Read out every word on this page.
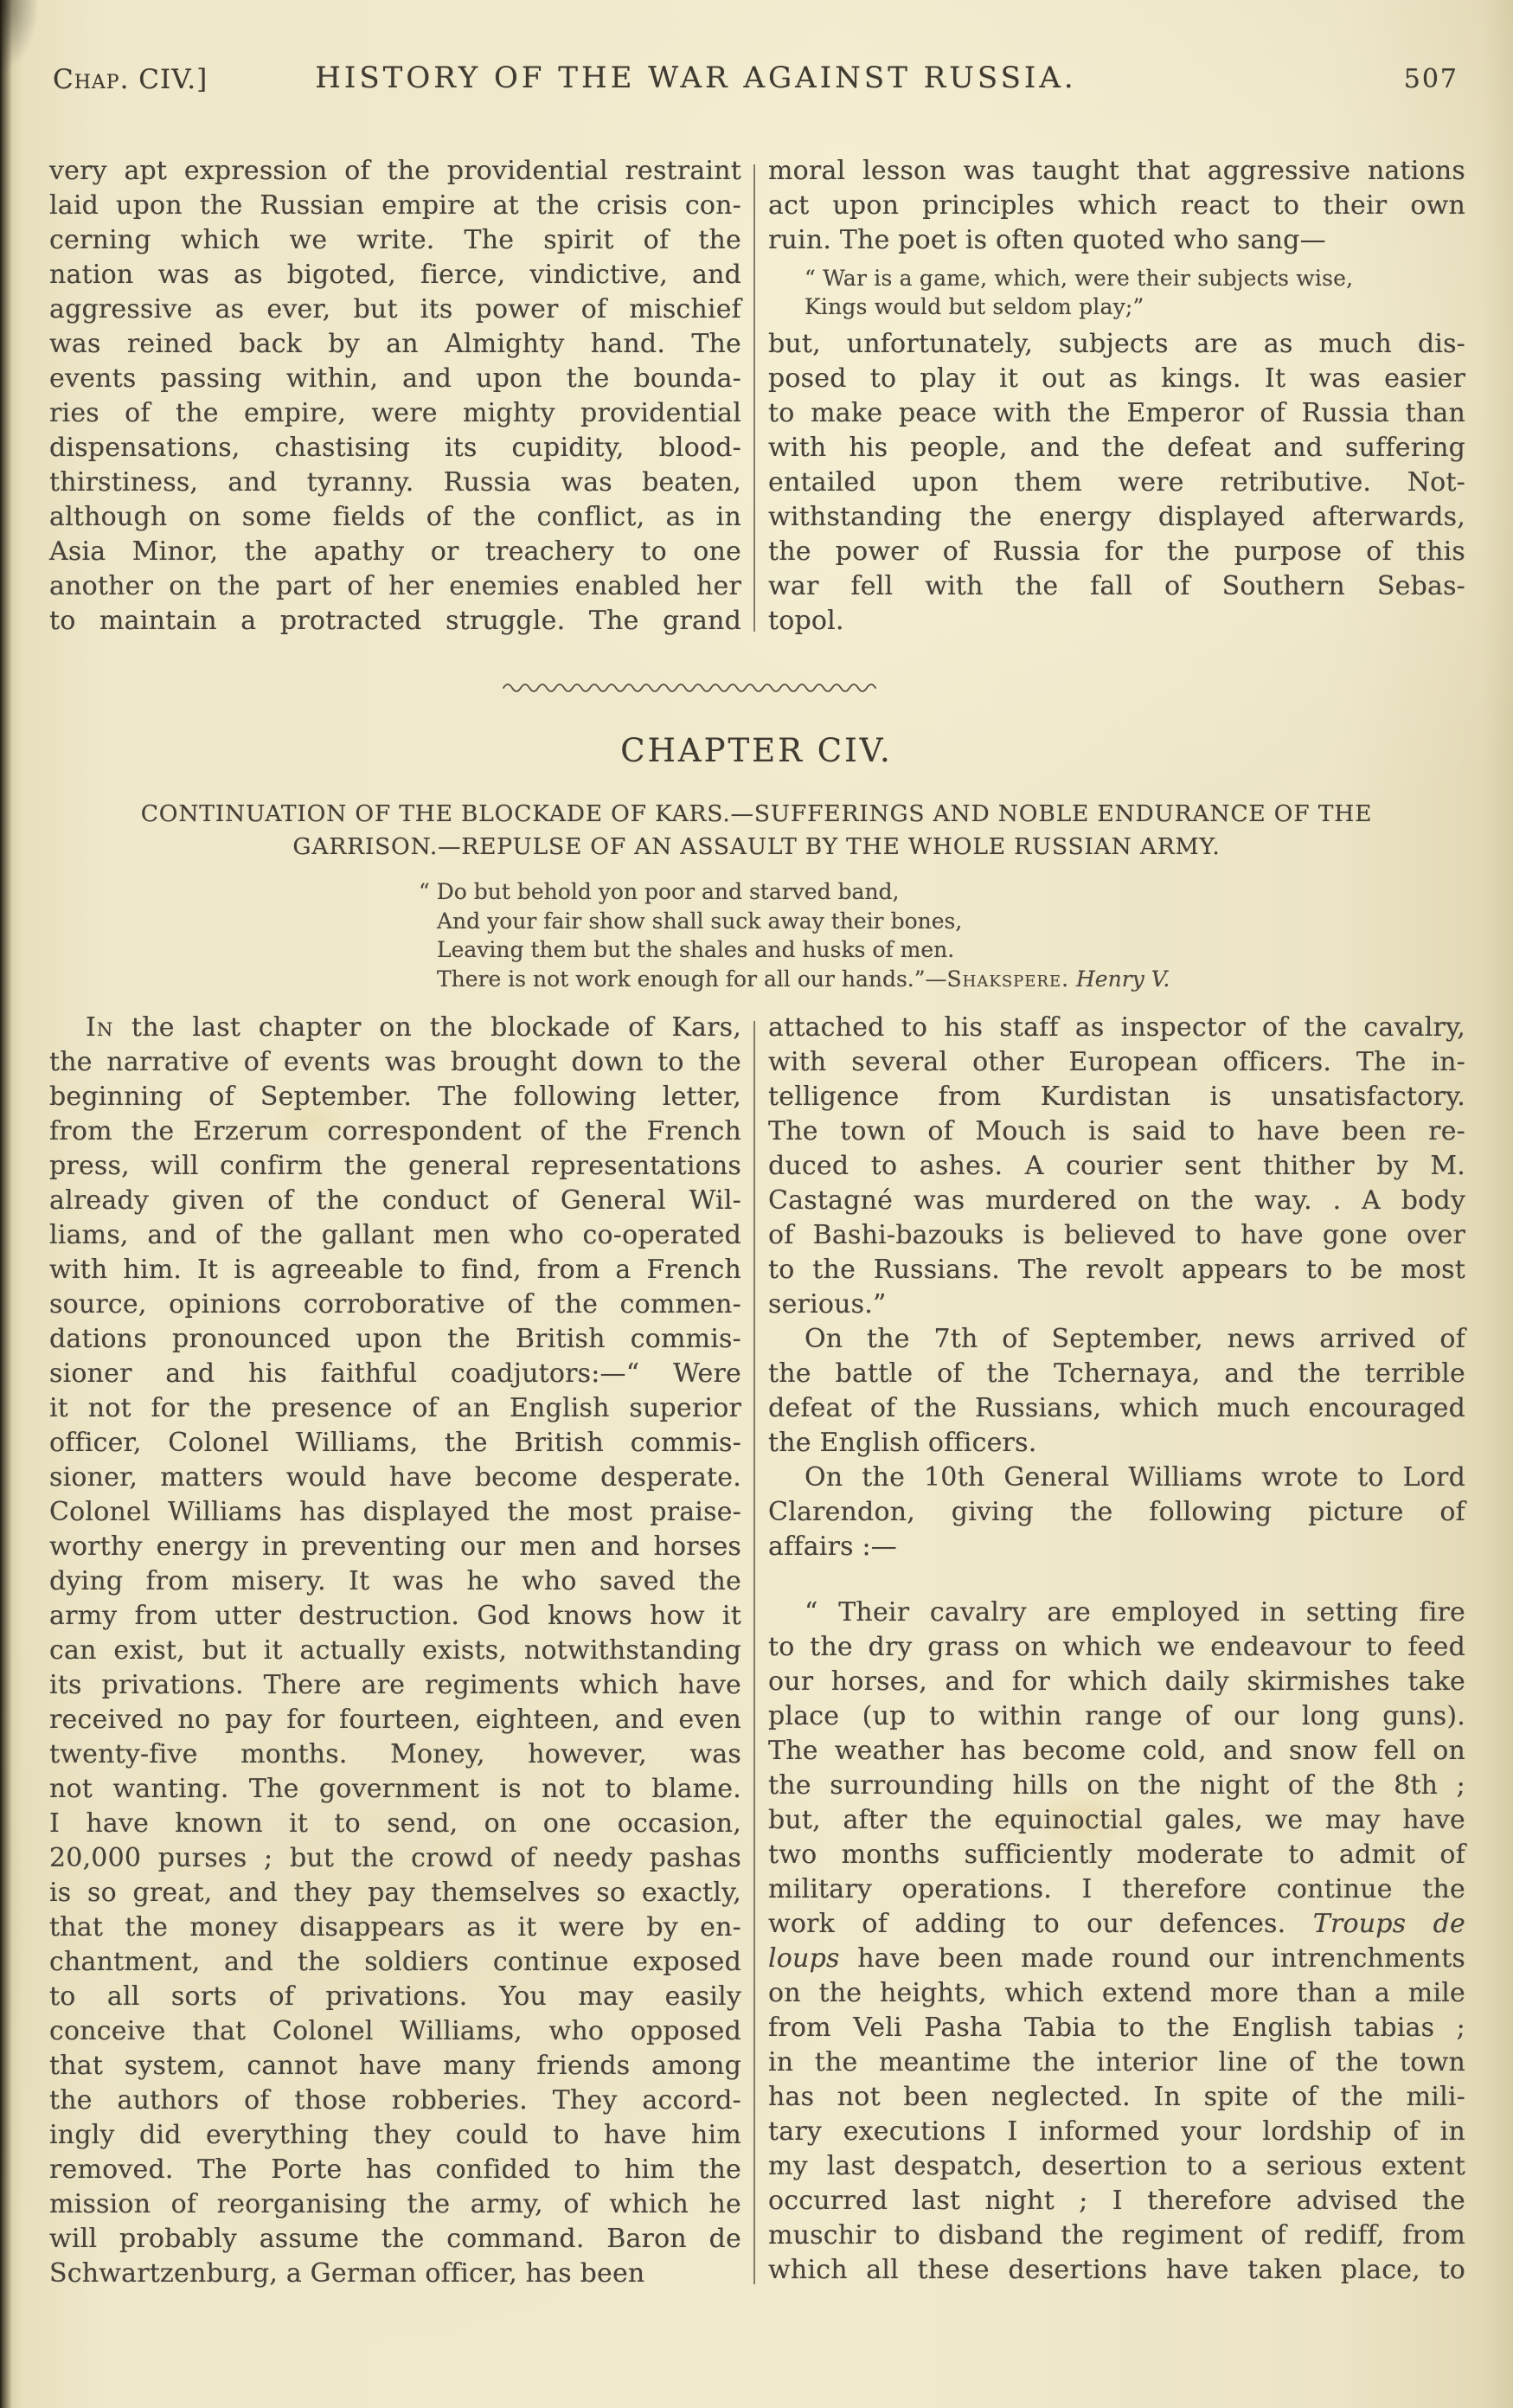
Chap. CIV.]	HISTORY OF THE WAR AGAINST RUSSIA.	507
very apt expression of the providential restraint
laid upon the Russian empire at the crisis con-
cerning which we write. The spirit of the
nation was as bigoted, fierce, vindictive, and
aggressive as ever, but its power of mischief
was reined back by an Almighty hand. The
events passing within, and upon the bounda-
ries of the empire, were mighty providential
dispensations, chastising its cupidity, blood-
thirstiness, and tyranny. Russia was beaten,
although on some fields of the conflict, as in
Asia Minor, the apathy or treachery to one
another on the part of her enemies enabled her
to maintain a protracted struggle. The grand
moral lesson was taught that aggressive nations
act upon principles which react to their own
ruin. The poet is often quoted who sang—
“ War is a game, which, were their subjects wise,
Kings would but seldom play;”
but, unfortunately, subjects are as much dis-
posed to play it out as kings. It was easier
to make peace with the Emperor of Russia than
with his people, and the defeat and suffering
entailed upon them were retributive. Not-
withstanding the energy displayed afterwards,
the power of Russia for the purpose of this
war fell with the fall of Southern Sebas-
topol.
CHAPTER CIV.
CONTINUATION OF THE BLOCKADE OF KARS.—SUFFERINGS AND NOBLE ENDURANCE OF THE
GARRISON.—REPULSE OF AN ASSAULT BY THE WHOLE RUSSIAN ARMY.
“ Do but behold yon poor and starved band,
And your fair show shall suck away their bones,
Leaving them but the shales and husks of men.
There is not work enough for all our hands.”—Shakspere. Henry V.
In the last chapter on the blockade of Kars,
the narrative of events was brought down to the
beginning of September. The following letter,
from the Erzerum correspondent of the French
press, will confirm the general representations
already given of the conduct of General Wil-
liams, and of the gallant men who co-operated
with him. It is agreeable to find, from a French
source, opinions corroborative of the commen-
dations pronounced upon the British commis-
sioner and his faithful coadjutors:—“ Were
it not for the presence of an English superior
officer, Colonel Williams, the British commis-
sioner, matters would have become desperate.
Colonel Williams has displayed the most praise-
worthy energy in preventing our men and horses
dying from misery. It was he who saved the
army from utter destruction. God knows how it
can exist, but it actually exists, notwithstanding
its privations. There are regiments which have
received no pay for fourteen, eighteen, and even
twenty-five months. Money, however, was
not wanting. The government is not to blame.
I have known it to send, on one occasion,
20,000 purses ; but the crowd of needy pashas
is so great, and they pay themselves so exactly,
that the money disappears as it were by en-
chantment, and the soldiers continue exposed
to all sorts of privations. You may easily
conceive that Colonel Williams, who opposed
that system, cannot have many friends among
the authors of those robberies. They accord-
ingly did everything they could to have him
removed. The Porte has confided to him the
mission of reorganising the army, of which he
will probably assume the command. Baron de
Schwartzenburg, a German officer, has been
attached to his staff as inspector of the cavalry,
with several other European officers. The in-
telligence from Kurdistan is unsatisfactory.
The town of Mouch is said to have been re-
duced to ashes. A courier sent thither by M.
Castagné was murdered on the way. . A body
of Bashi-bazouks is believed to have gone over
to the Russians. The revolt appears to be most
serious.”
On the 7th of September, news arrived of
the battle of the Tchernaya, and the terrible
defeat of the Russians, which much encouraged
the English officers.
On the 10th General Williams wrote to Lord
Clarendon, giving the following picture of
affairs :—
“ Their cavalry are employed in setting fire
to the dry grass on which we endeavour to feed
our horses, and for which daily skirmishes take
place (up to within range of our long guns).
The weather has become cold, and snow fell on
the surrounding hills on the night of the 8th ;
but, after the equinoctial gales, we may have
two months sufficiently moderate to admit of
military operations. I therefore continue the
work of adding to our defences. Troups de
loups have been made round our intrenchments
on the heights, which extend more than a mile
from Veli Pasha Tabia to the English tabias ;
in the meantime the interior line of the town
has not been neglected. In spite of the mili-
tary executions I informed your lordship of in
my last despatch, desertion to a serious extent
occurred last night ; I therefore advised the
muschir to disband the regiment of rediff, from
which all these desertions have taken place, to
